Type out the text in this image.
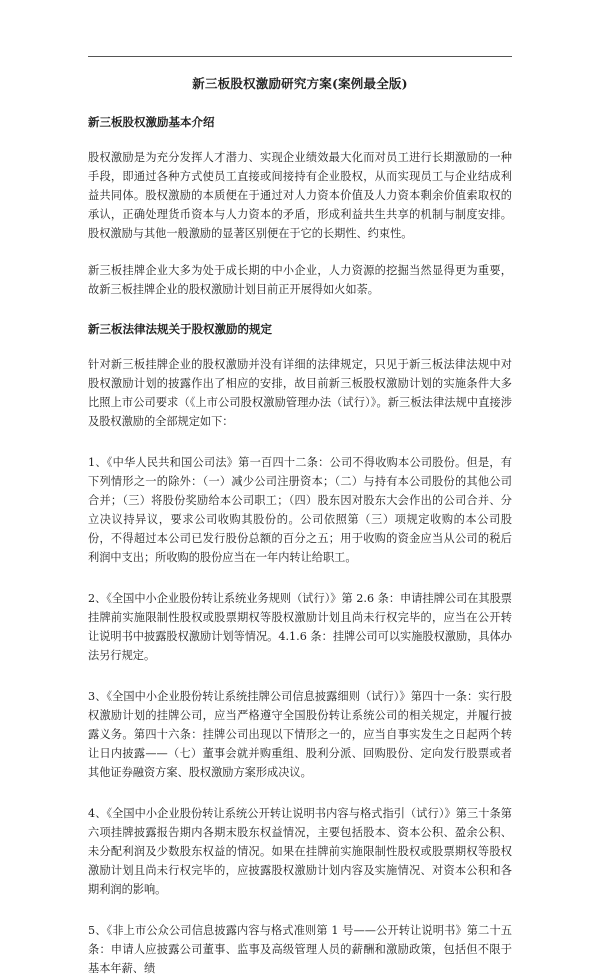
新三板股权激励研究方案(案例最全版)
新三板股权激励基本介绍

股权激励是为充分发挥人才潜力、实现企业绩效最大化而对员工进行长期激励的一种手段，即通过各种方式使员工直接或间接持有企业股权，从而实现员工与企业结成利益共同体。股权激励的本质便在于通过对人力资本价值及人力资本剩余价值索取权的承认，正确处理货币资本与人力资本的矛盾，形成利益共生共享的机制与制度安排。股权激励与其他一般激励的显著区别便在于它的长期性、约束性。

新三板挂牌企业大多为处于成长期的中小企业，人力资源的挖掘当然显得更为重要，故新三板挂牌企业的股权激励计划目前正开展得如火如荼。

新三板法律法规关于股权激励的规定

针对新三板挂牌企业的股权激励并没有详细的法律规定，只见于新三板法律法规中对股权激励计划的披露作出了相应的安排，故目前新三板股权激励计划的实施条件大多比照上市公司要求（《上市公司股权激励管理办法（试行）》。新三板法律法规中直接涉及股权激励的全部规定如下：

1、《中华人民共和国公司法》第一百四十二条：公司不得收购本公司股份。但是，有下列情形之一的除外：（一）减少公司注册资本；（二）与持有本公司股份的其他公司合并；（三）将股份奖励给本公司职工；（四）股东因对股东大会作出的公司合并、分立决议持异议，要求公司收购其股份的。公司依照第（三）项规定收购的本公司股份，不得超过本公司已发行股份总额的百分之五；用于收购的资金应当从公司的税后利润中支出；所收购的股份应当在一年内转让给职工。

2、《全国中小企业股份转让系统业务规则（试行）》第 2.6 条：申请挂牌公司在其股票挂牌前实施限制性股权或股票期权等股权激励计划且尚未行权完毕的，应当在公开转让说明书中披露股权激励计划等情况。4.1.6 条：挂牌公司可以实施股权激励，具体办法另行规定。

3、《全国中小企业股份转让系统挂牌公司信息披露细则（试行）》第四十一条：实行股权激励计划的挂牌公司，应当严格遵守全国股份转让系统公司的相关规定，并履行披露义务。第四十六条：挂牌公司出现以下情形之一的，应当自事实发生之日起两个转让日内披露——（七）董事会就并购重组、股利分派、回购股份、定向发行股票或者其他证券融资方案、股权激励方案形成决议。

4、《全国中小企业股份转让系统公开转让说明书内容与格式指引（试行）》第三十条第六项挂牌披露报告期内各期末股东权益情况，主要包括股本、资本公积、盈余公积、未分配利润及少数股东权益的情况。如果在挂牌前实施限制性股权或股票期权等股权激励计划且尚未行权完毕的，应披露股权激励计划内容及实施情况、对资本公积和各期利润的影响。

5、《非上市公众公司信息披露内容与格式准则第 1 号——公开转让说明书》第二十五条：申请人应披露公司董事、监事及高级管理人员的薪酬和激励政策，包括但不限于基本年薪、绩
